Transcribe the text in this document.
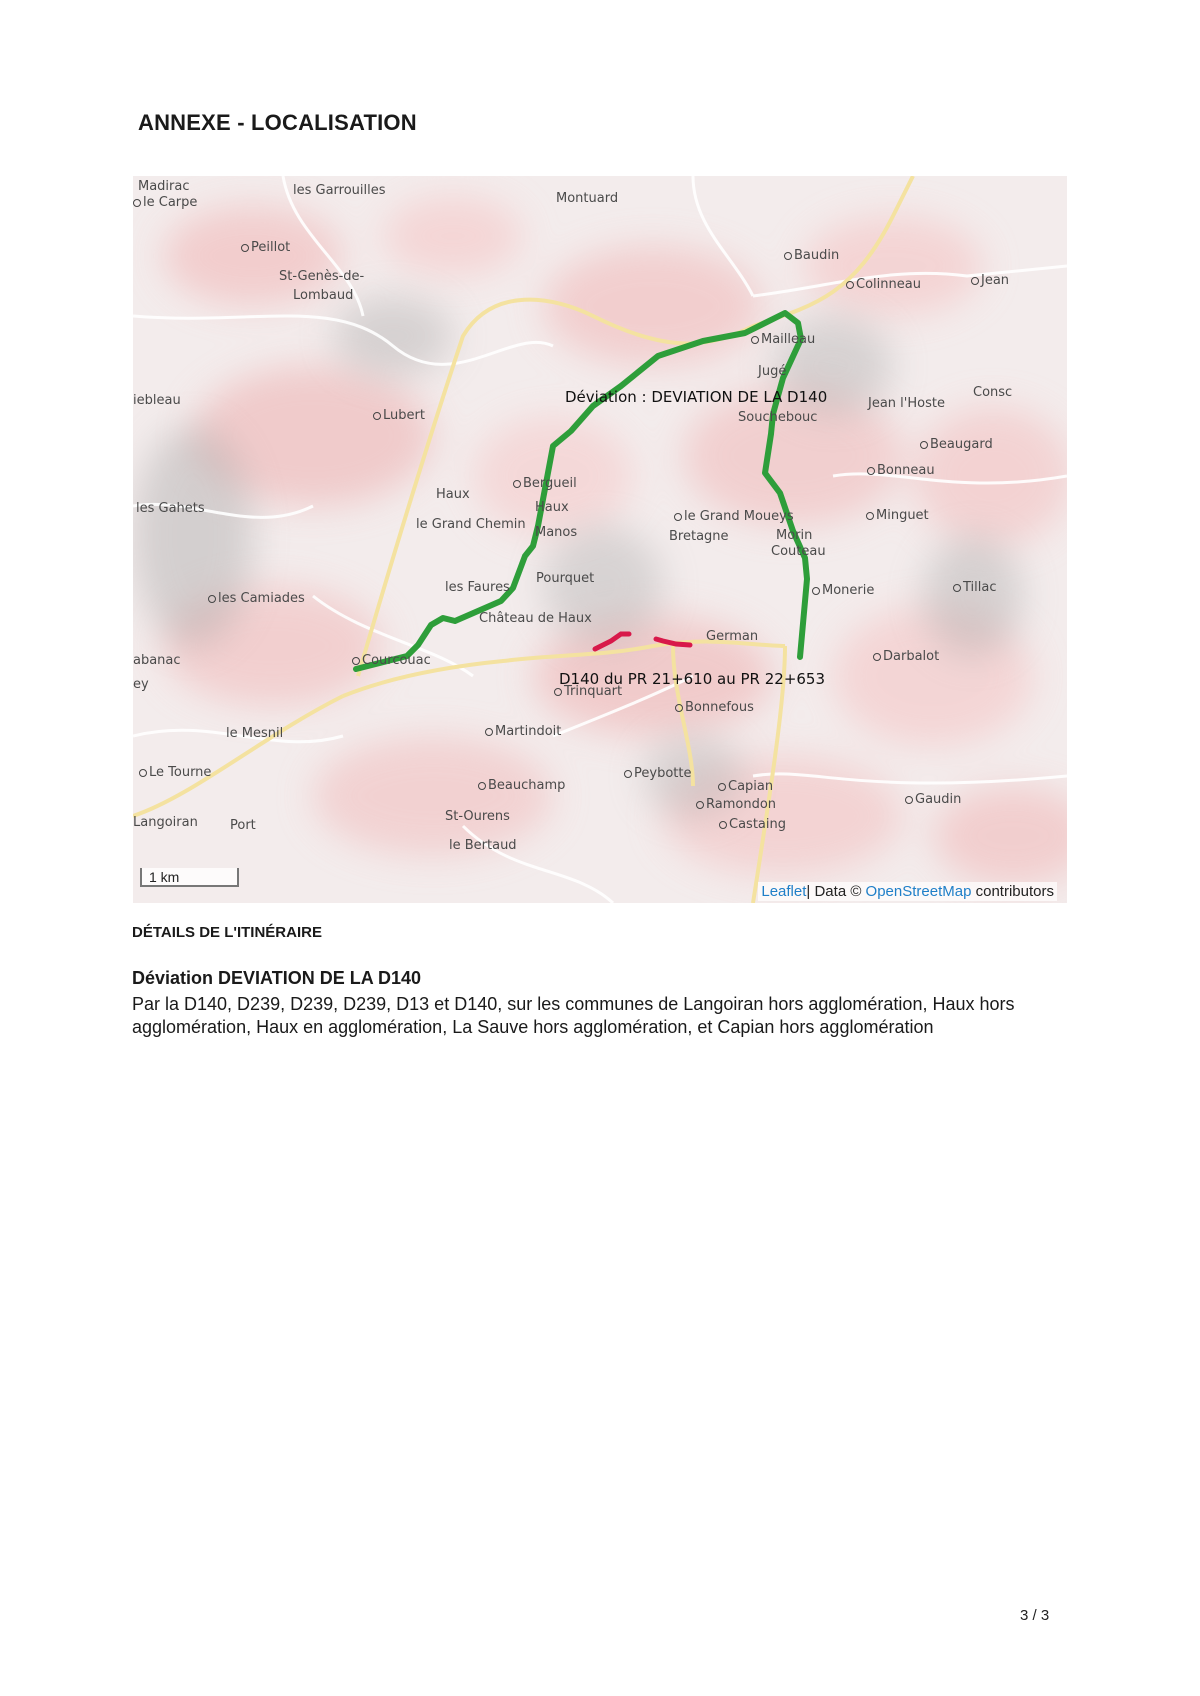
ANNEXE - LOCALISATION
Madirac
le Carpe
les Garrouilles
Montuard
Peillot
St-Genès-de-
Lombaud
Baudin
Colinneau	Jean
Mailleau
Jugé
iebleau
Lubert	Souchebouc
Jean l'Hoste
Consc
Beaugard
Bonneau
Bergueil
Haux
le Grand Chemin
Haux
Manos
le Grand Moueys
Bretagne	Morin
Couteau
Minguet
les Gahets
les Faures
Pourquet
les Camiades
Monerie	Tillac
Château de Haux
German
Darbalot
abanac	Courcouac
ey	Trinquart
Bonnefous
le Mesnil	Martindoit
Le Tourne	Peybotte
Beauchamp	Capian
Ramondon	Gaudin
Langoiran Port
St-Ourens
Castaing
le Bertaud
Déviation : DEVIATION DE LA D140
D140 du PR 21+610 au PR 22+653
1 km
Leaflet| Data © OpenStreetMap contributors
DÉTAILS DE L'ITINÉRAIRE
Déviation DEVIATION DE LA D140
Par la D140, D239, D239, D239, D13 et D140, sur les communes de Langoiran hors agglomération, Haux hors agglomération, Haux en agglomération, La Sauve hors agglomération, et Capian hors agglomération
3 / 3
